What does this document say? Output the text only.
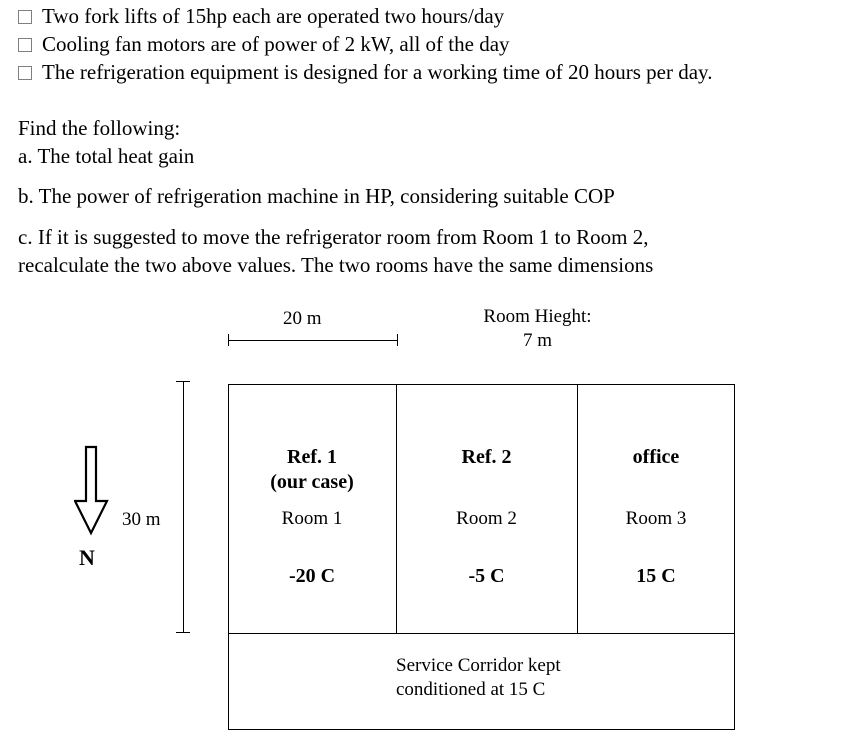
Two fork lifts of 15hp each are operated two hours/day
Cooling fan motors are of power of 2 kW, all of the day
The refrigeration equipment is designed for a working time of 20 hours per day.
Find the following:
a. The total heat gain
b. The power of refrigeration machine in HP, considering suitable COP
c. If it is suggested to move the refrigerator room from Room 1 to Room 2,
recalculate the two above values. The two rooms have the same dimensions
20 m	Room Hieght:
7 m
30 m
N
Ref. 1
(our case)
Room 1
-20 C
Ref. 2
Room 2
-5 C
office
Room 3
15 C
Service Corridor kept
conditioned at 15 C
